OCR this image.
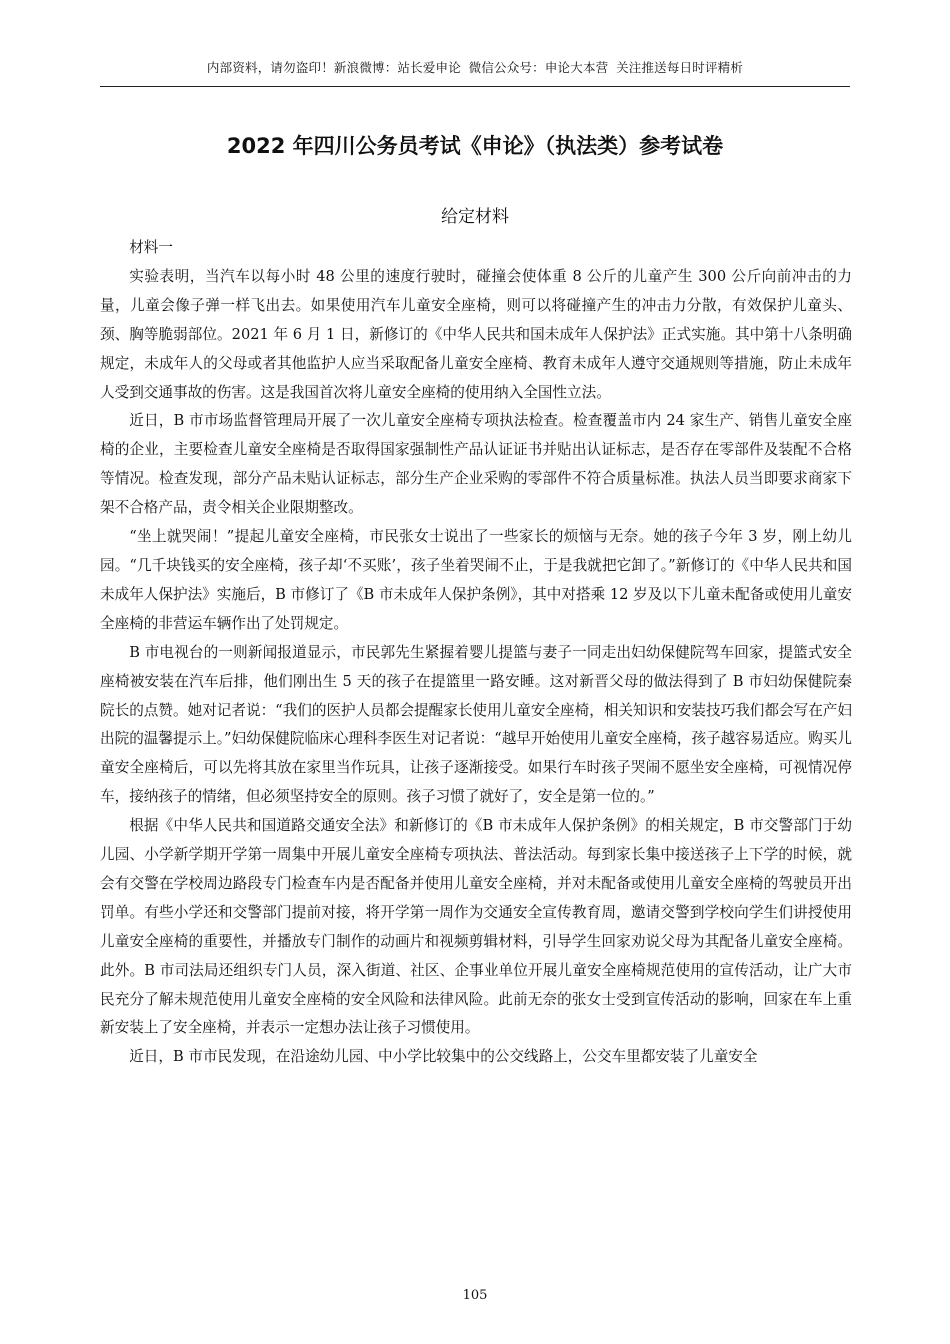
内部资料，请勿盗印！新浪微博：站长爱申论 微信公众号：申论大本营 关注推送每日时评精析
2022 年四川公务员考试《申论》（执法类）参考试卷
给定材料

材料一

实验表明，当汽车以每小时 48 公里的速度行驶时，碰撞会使体重 8 公斤的儿童产生 300 公斤向前冲击的力量，儿童会像子弹一样飞出去。如果使用汽车儿童安全座椅，则可以将碰撞产生的冲击力分散，有效保护儿童头、颈、胸等脆弱部位。2021 年 6 月 1 日，新修订的《中华人民共和国未成年人保护法》正式实施。其中第十八条明确规定，未成年人的父母或者其他监护人应当采取配备儿童安全座椅、教育未成年人遵守交通规则等措施，防止未成年人受到交通事故的伤害。这是我国首次将儿童安全座椅的使用纳入全国性立法。

近日，B 市市场监督管理局开展了一次儿童安全座椅专项执法检查。检查覆盖市内 24 家生产、销售儿童安全座椅的企业，主要检查儿童安全座椅是否取得国家强制性产品认证证书并贴出认证标志，是否存在零部件及装配不合格等情况。检查发现，部分产品未贴认证标志，部分生产企业采购的零部件不符合质量标准。执法人员当即要求商家下架不合格产品，责令相关企业限期整改。

“坐上就哭闹！”提起儿童安全座椅，市民张女士说出了一些家长的烦恼与无奈。她的孩子今年 3 岁，刚上幼儿园。“几千块钱买的安全座椅，孩子却‘不买账’，孩子坐着哭闹不止，于是我就把它卸了。”新修订的《中华人民共和国未成年人保护法》实施后，B 市修订了《B 市未成年人保护条例》，其中对搭乘 12 岁及以下儿童未配备或使用儿童安全座椅的非营运车辆作出了处罚规定。

B 市电视台的一则新闻报道显示，市民郭先生紧握着婴儿提篮与妻子一同走出妇幼保健院驾车回家，提篮式安全座椅被安装在汽车后排，他们刚出生 5 天的孩子在提篮里一路安睡。这对新晋父母的做法得到了 B 市妇幼保健院秦院长的点赞。她对记者说：“我们的医护人员都会提醒家长使用儿童安全座椅，相关知识和安装技巧我们都会写在产妇出院的温馨提示上。”妇幼保健院临床心理科李医生对记者说：“越早开始使用儿童安全座椅，孩子越容易适应。购买儿童安全座椅后，可以先将其放在家里当作玩具，让孩子逐渐接受。如果行车时孩子哭闹不愿坐安全座椅，可视情况停车，接纳孩子的情绪，但必须坚持安全的原则。孩子习惯了就好了，安全是第一位的。”

根据《中华人民共和国道路交通安全法》和新修订的《B 市未成年人保护条例》的相关规定，B 市交警部门于幼儿园、小学新学期开学第一周集中开展儿童安全座椅专项执法、普法活动。每到家长集中接送孩子上下学的时候，就会有交警在学校周边路段专门检查车内是否配备并使用儿童安全座椅，并对未配备或使用儿童安全座椅的驾驶员开出罚单。有些小学还和交警部门提前对接，将开学第一周作为交通安全宣传教育周，邀请交警到学校向学生们讲授使用儿童安全座椅的重要性，并播放专门制作的动画片和视频剪辑材料，引导学生回家劝说父母为其配备儿童安全座椅。此外。B 市司法局还组织专门人员，深入街道、社区、企事业单位开展儿童安全座椅规范使用的宣传活动，让广大市民充分了解未规范使用儿童安全座椅的安全风险和法律风险。此前无奈的张女士受到宣传活动的影响，回家在车上重新安装上了安全座椅，并表示一定想办法让孩子习惯使用。

近日，B 市市民发现，在沿途幼儿园、中小学比较集中的公交线路上，公交车里都安装了儿童安全

105
